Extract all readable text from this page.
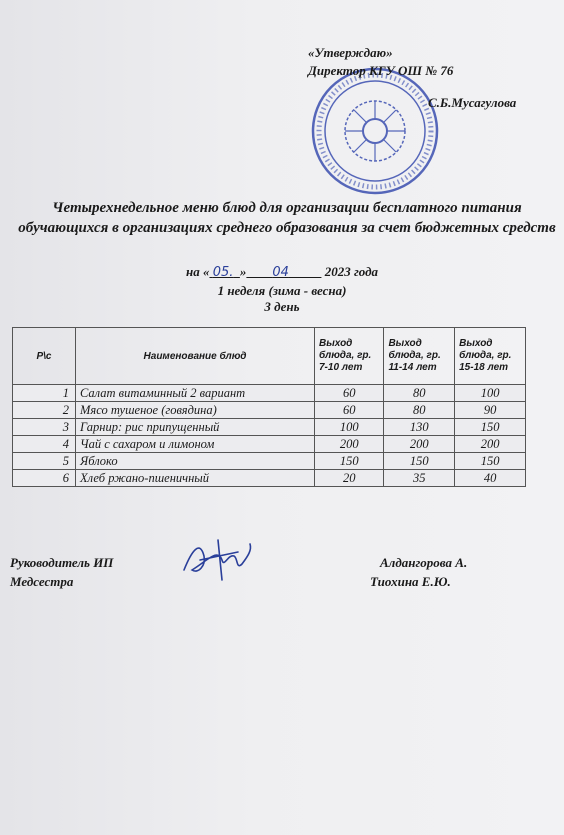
«Утверждаю»
Директор КГУ ОШ № 76
С.Б.Мусагулова
Четырехнедельное меню блюд для организации бесплатного питания обучающихся в организациях среднего образования за счет бюджетных средств
на « 05. » 04	2023 года
1 неделя (зима - весна)
3 день
Р\с	Наименование блюд	Выход блюда, гр. 7-10 лет	Выход блюда, гр. 11-14 лет	Выход блюда, гр. 15-18 лет
1	Салат витаминный 2 вариант	60	80	100
2	Мясо тушеное (говядина)	60	80	90
3	Гарнир: рис припущенный	100	130	150
4	Чай с сахаром и лимоном	200	200	200
5	Яблоко	150	150	150
6	Хлеб ржано-пшеничный	20	35	40
Руководитель ИП
Медсестра
Алдангорова А.
Тиохина Е.Ю.
